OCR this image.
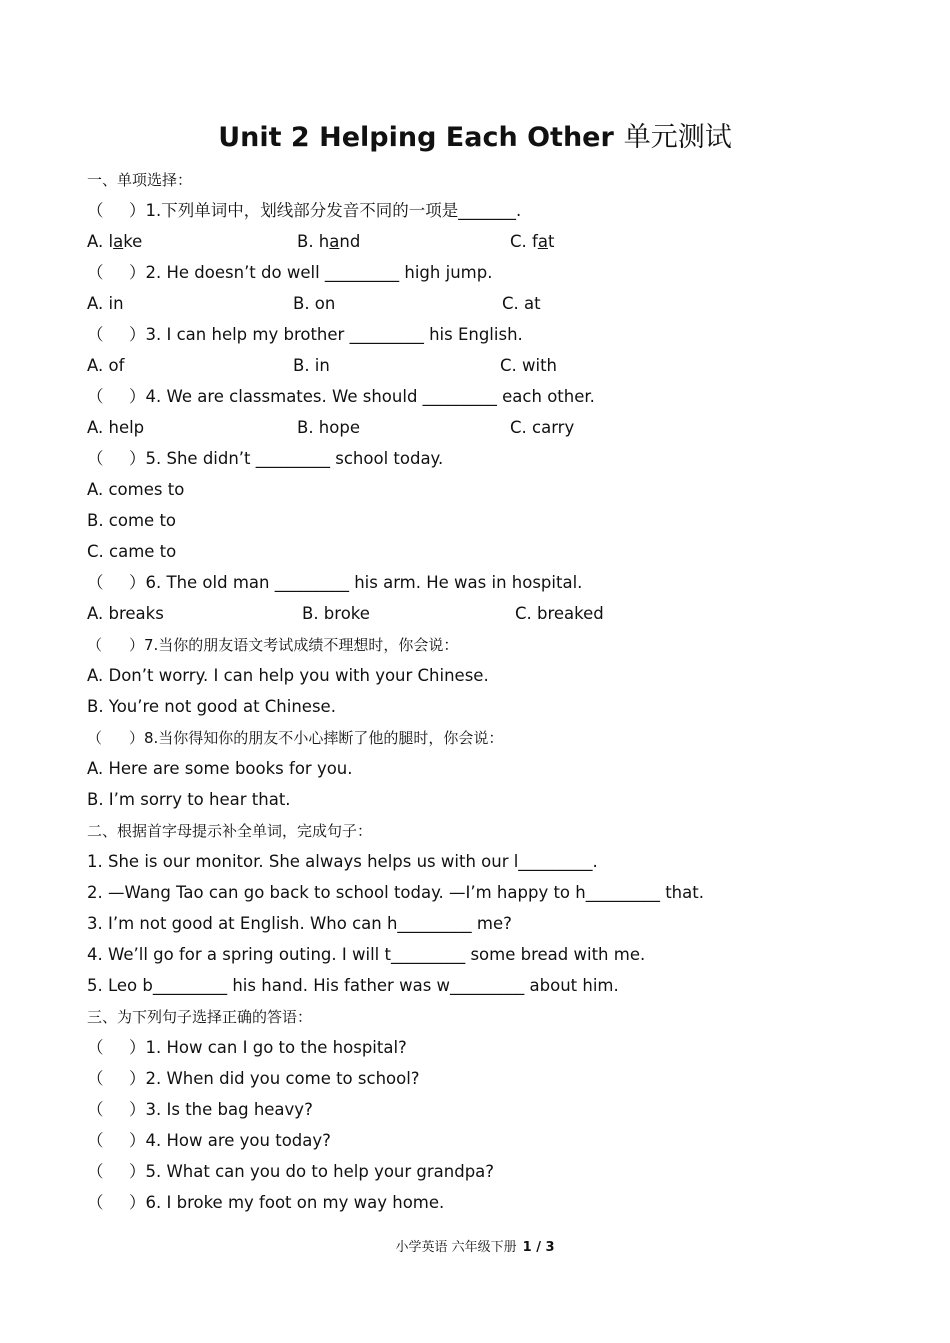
Unit 2 Helping Each Other 单元测试
一、单项选择：
（ ）1.下列单词中，划线部分发音不同的一项是_______.
A. lake	B. hand	C. fat
（ ）2. He doesn’t do well _________ high jump.
A. in	B. on	C. at
（ ）3. I can help my brother _________ his English.
A. of	B. in	C. with
（ ）4. We are classmates. We should _________ each other.
A. help	B. hope	C. carry
（ ）5. She didn’t _________ school today.
A. comes to
B. come to
C. came to
（ ）6. The old man _________ his arm. He was in hospital.
A. breaks	B. broke	C. breaked
（ ）7.当你的朋友语文考试成绩不理想时，你会说：
A. Don’t worry. I can help you with your Chinese.
B. You’re not good at Chinese.
（ ）8.当你得知你的朋友不小心摔断了他的腿时，你会说：
A. Here are some books for you.
B. I’m sorry to hear that.
二、根据首字母提示补全单词，完成句子：
1. She is our monitor. She always helps us with our l_________.
2. —Wang Tao can go back to school today. —I’m happy to h_________ that.
3. I’m not good at English. Who can h_________ me?
4. We’ll go for a spring outing. I will t_________ some bread with me.
5. Leo b_________ his hand. His father was w_________ about him.
三、为下列句子选择正确的答语：
（ ）1. How can I go to the hospital?
（ ）2. When did you come to school?
（ ）3. Is the bag heavy?
（ ）4. How are you today?
（ ）5. What can you do to help your grandpa?
（ ）6. I broke my foot on my way home.
小学英语 六年级下册 1 / 3
